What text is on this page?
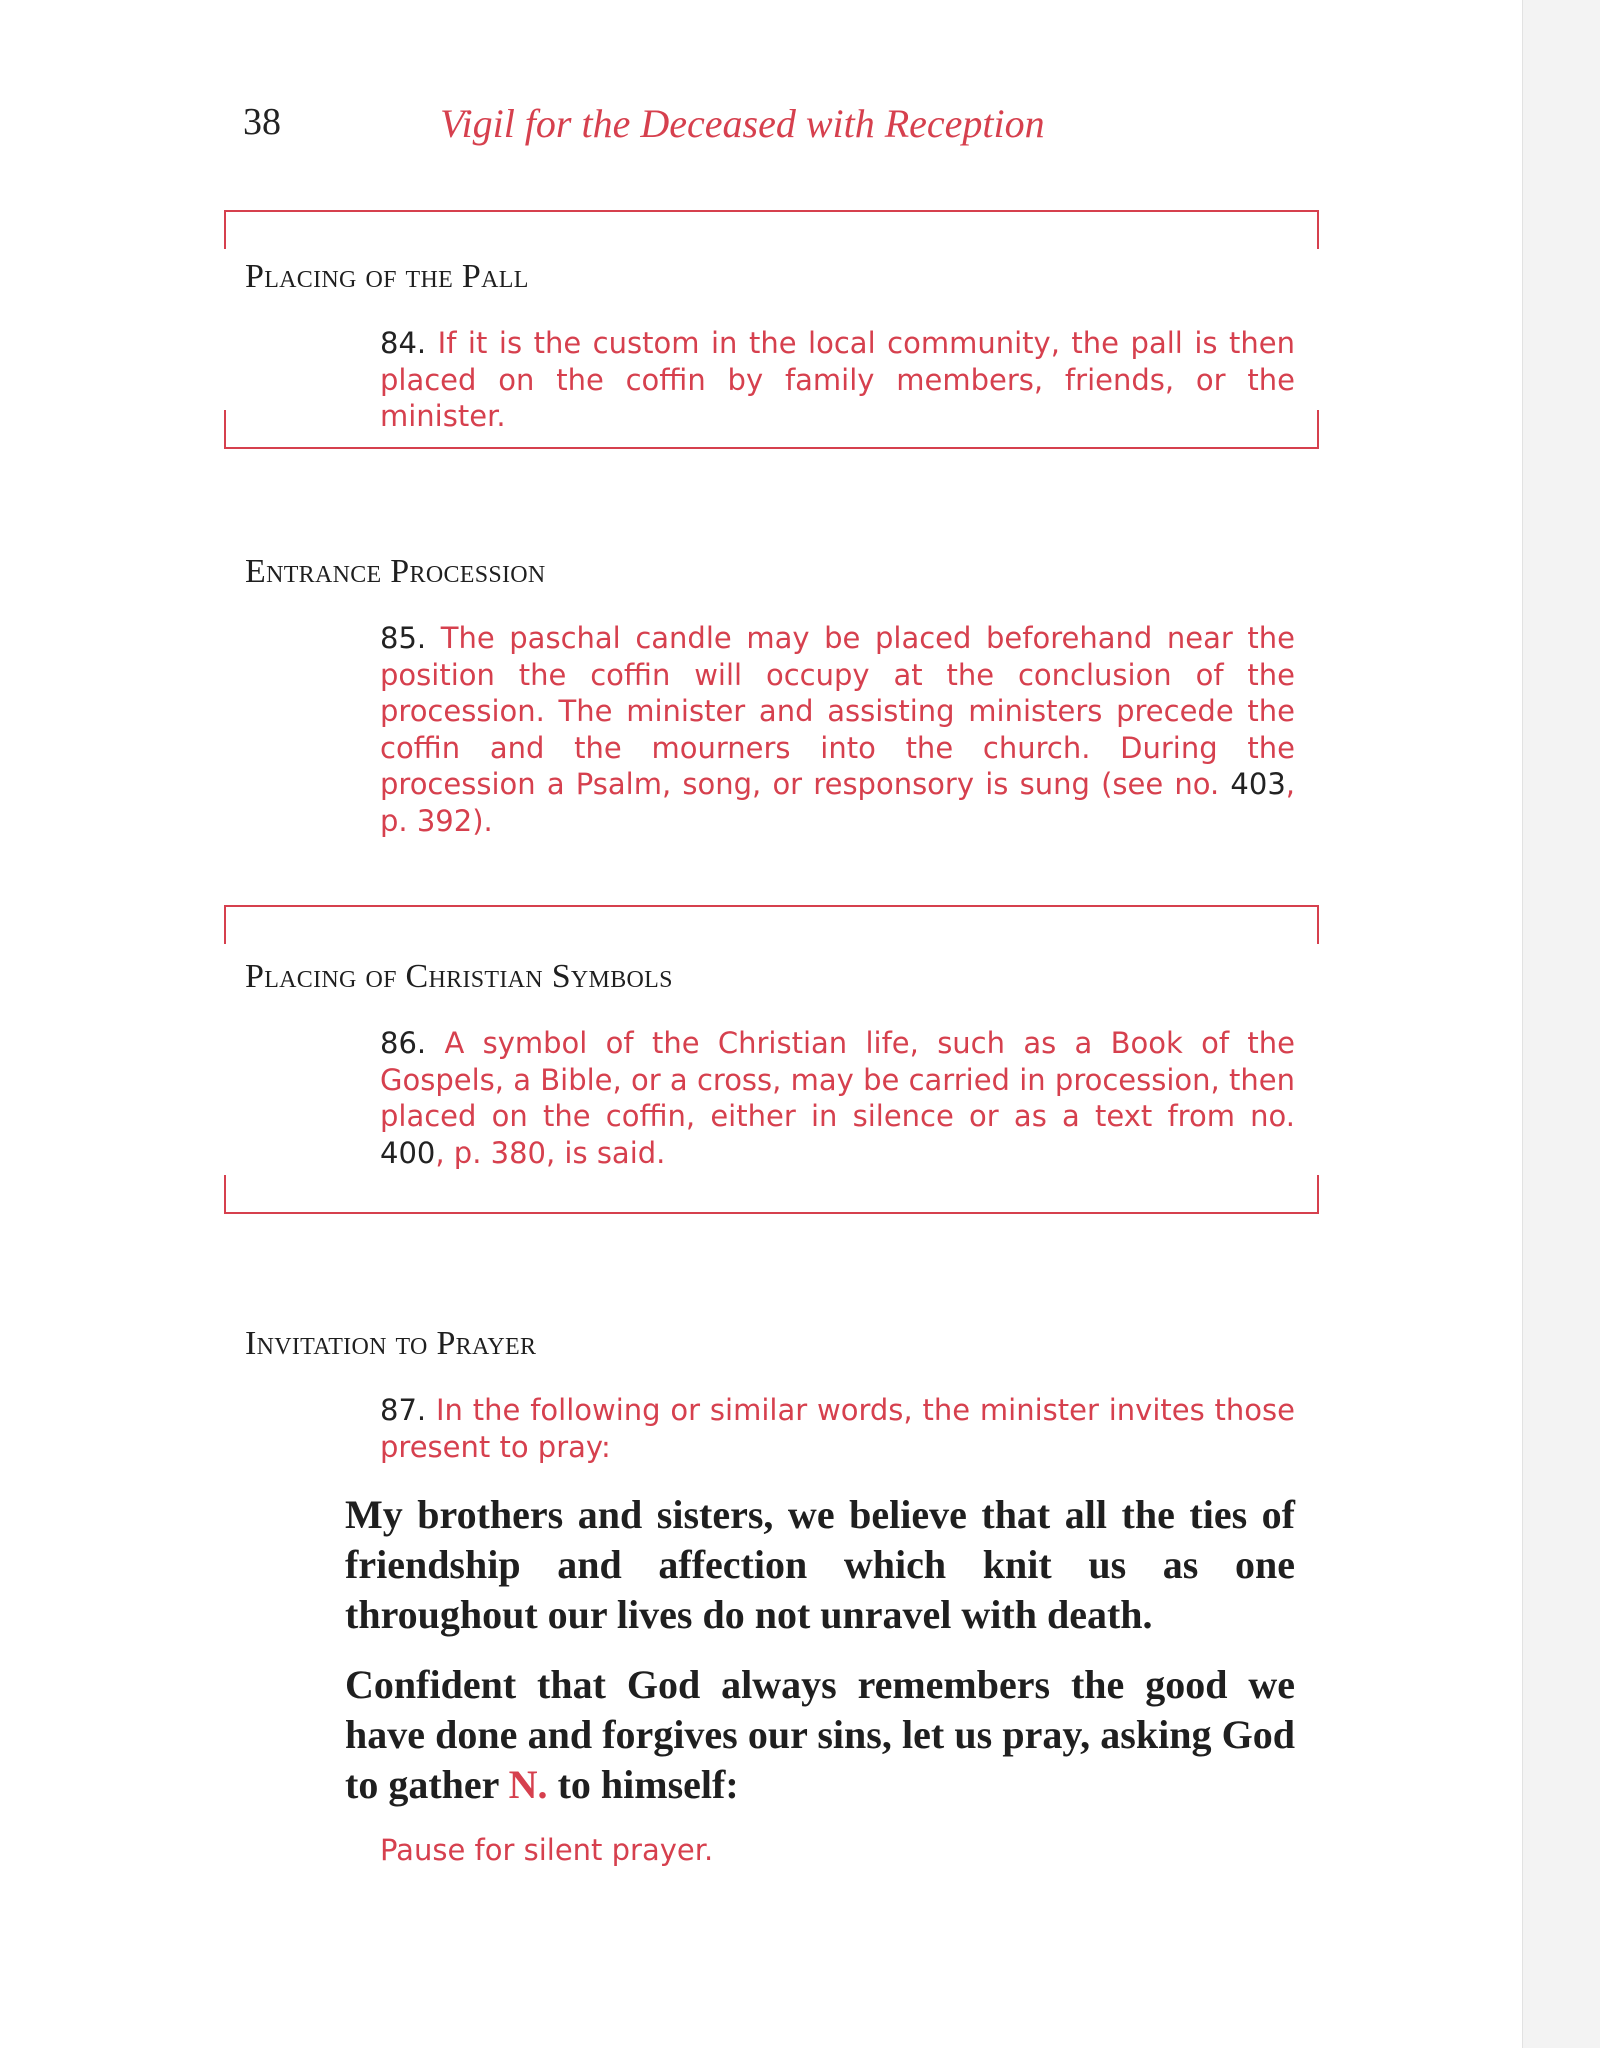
38	Vigil for the Deceased with Reception
Placing of the Pall
84. If it is the custom in the local community, the pall is then placed on the coffin by family members, friends, or the minister.
Entrance Procession
85. The paschal candle may be placed beforehand near the position the coffin will occupy at the conclusion of the procession. The minister and assisting ministers precede the coffin and the mourners into the church. During the procession a Psalm, song, or responsory is sung (see no. 403, p. 392).
Placing of Christian Symbols
86. A symbol of the Christian life, such as a Book of the Gospels, a Bible, or a cross, may be carried in procession, then placed on the coffin, either in silence or as a text from no. 400, p. 380, is said.
Invitation to Prayer
87. In the following or similar words, the minister invites those present to pray:
My brothers and sisters, we believe that all the ties of friendship and affection which knit us as one throughout our lives do not unravel with death.
Confident that God always remembers the good we have done and forgives our sins, let us pray, asking God to gather N. to himself:
Pause for silent prayer.
